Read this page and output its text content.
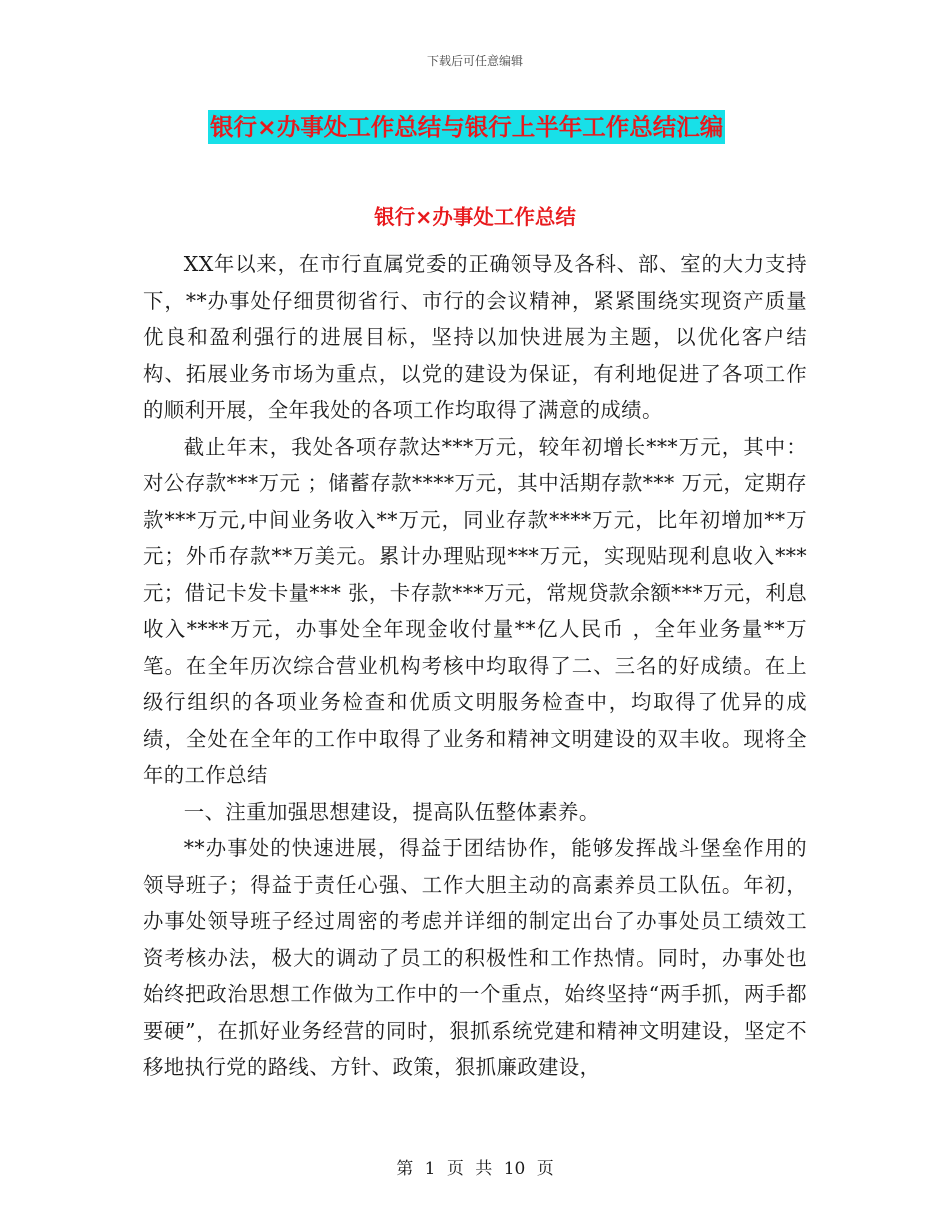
下载后可任意编辑
银行×办事处工作总结与银行上半年工作总结汇编
银行×办事处工作总结

XX年以来，在市行直属党委的正确领导及各科、部、室的大力支持下，**办事处仔细贯彻省行、市行的会议精神，紧紧围绕实现资产质量优良和盈利强行的进展目标，坚持以加快进展为主题，以优化客户结构、拓展业务市场为重点，以党的建设为保证，有利地促进了各项工作的顺利开展，全年我处的各项工作均取得了满意的成绩。

截止年末，我处各项存款达***万元，较年初增长***万元，其中：对公存款***万元 ；储蓄存款****万元，其中活期存款*** 万元，定期存款***万元,中间业务收入**万元，同业存款****万元，比年初增加**万元；外币存款**万美元。累计办理贴现***万元，实现贴现利息收入***元；借记卡发卡量*** 张，卡存款***万元，常规贷款余额***万元，利息收入****万元，办事处全年现金收付量**亿人民币 ，全年业务量**万笔。在全年历次综合营业机构考核中均取得了二、三名的好成绩。在上级行组织的各项业务检查和优质文明服务检查中，均取得了优异的成绩，全处在全年的工作中取得了业务和精神文明建设的双丰收。现将全年的工作总结

一、注重加强思想建设，提高队伍整体素养。

**办事处的快速进展，得益于团结协作，能够发挥战斗堡垒作用的领导班子；得益于责任心强、工作大胆主动的高素养员工队伍。年初，办事处领导班子经过周密的考虑并详细的制定出台了办事处员工绩效工资考核办法，极大的调动了员工的积极性和工作热情。同时，办事处也始终把政治思想工作做为工作中的一个重点，始终坚持“两手抓，两手都要硬”，在抓好业务经营的同时，狠抓系统党建和精神文明建设，坚定不移地执行党的路线、方针、政策，狠抓廉政建设，

第 1 页 共 10 页
